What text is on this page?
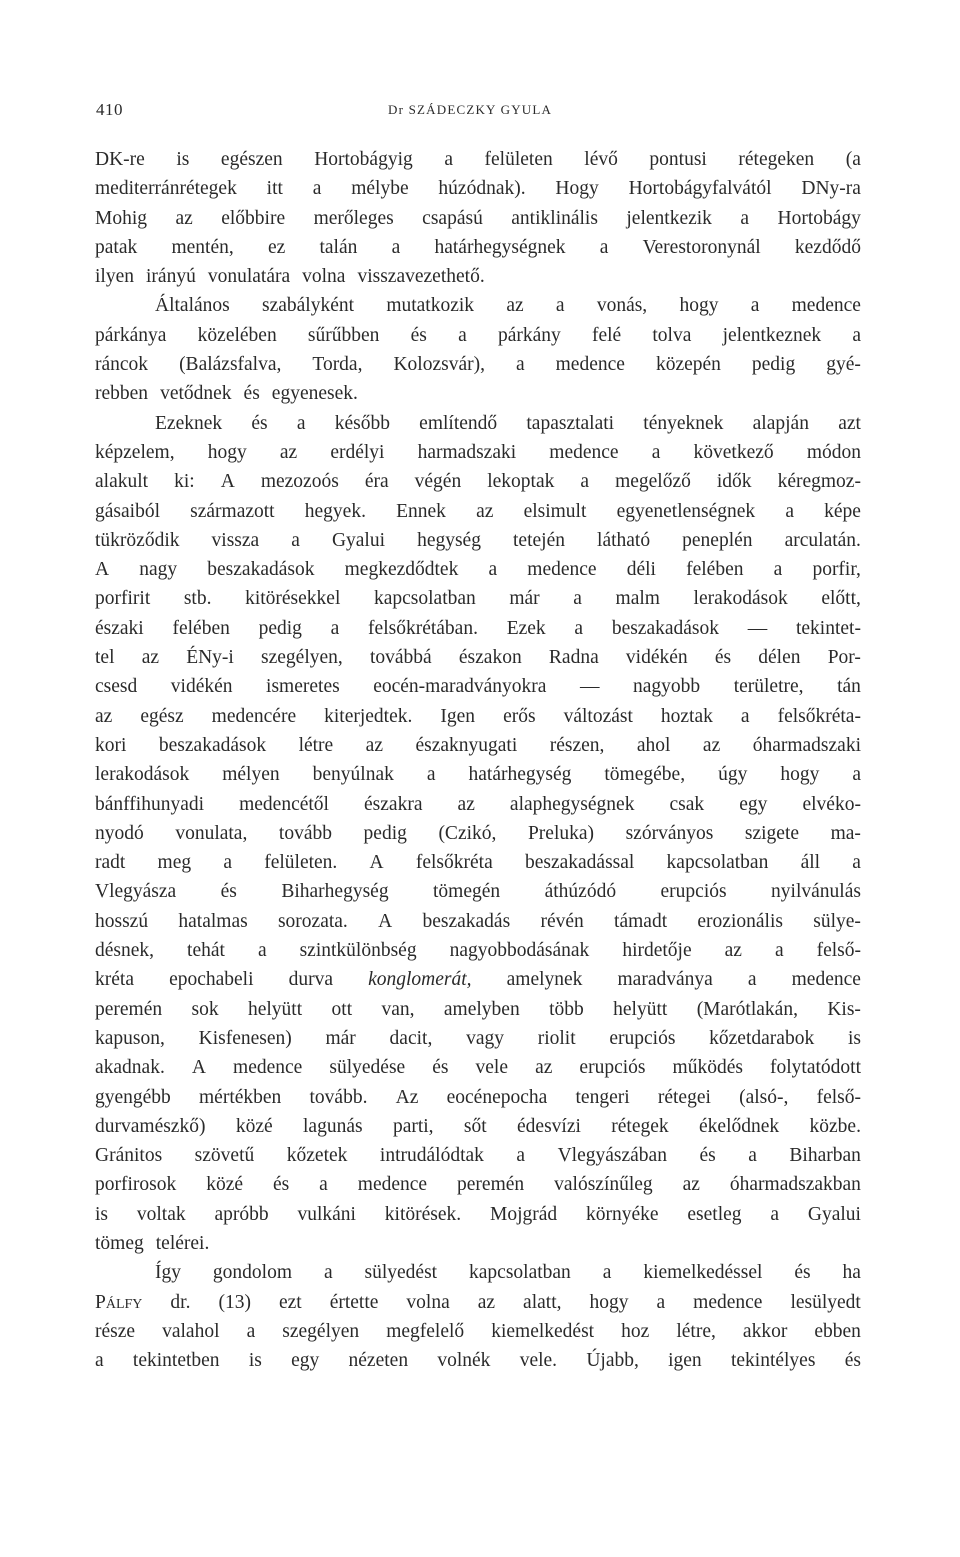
410	Dr SZÁDECZKY GYULA
DK-re is egészen Hortobágyig a felületen lévő pontusi rétegeken (a
mediterránrétegek itt a mélybe húzódnak). Hogy Hortobágyfalvától DNy-ra
Mohig az előbbire merőleges csapású antiklinális jelentkezik a Hortobágy
patak mentén, ez talán a határhegységnek a Verestoronynál kezdődő
ilyen irányú vonulatára volna visszavezethető.
Általános szabályként mutatkozik az a vonás, hogy a medence
párkánya közelében sűrűbben és a párkány felé tolva jelentkeznek a
ráncok (Balázsfalva, Torda, Kolozsvár), a medence közepén pedig gyé-
rebben vetődnek és egyenesek.
Ezeknek és a később említendő tapasztalati tényeknek alapján azt
képzelem, hogy az erdélyi harmadszaki medence a következő módon
alakult ki: A mezozoós éra végén lekoptak a megelőző idők kéregmoz-
gásaiból származott hegyek. Ennek az elsimult egyenetlenségnek a képe
tükröződik vissza a Gyalui hegység tetején látható peneplén arculatán.
A nagy beszakadások megkezdődtek a medence déli felében a porfir,
porfirit stb. kitörésekkel kapcsolatban már a malm lerakodások előtt,
északi felében pedig a felsőkrétában. Ezek a beszakadások — tekintet-
tel az ÉNy-i szegélyen, továbbá északon Radna vidékén és délen Por-
csesd vidékén ismeretes eocén-maradványokra — nagyobb területre, tán
az egész medencére kiterjedtek. Igen erős változást hoztak a felsőkréta-
kori beszakadások létre az északnyugati részen, ahol az óharmadszaki
lerakodások mélyen benyúlnak a határhegység tömegébe, úgy hogy a
bánffihunyadi medencétől északra az alaphegységnek csak egy elvéko-
nyodó vonulata, tovább pedig (Czikó, Preluka) szórványos szigete ma-
radt meg a felületen. A felsőkréta beszakadással kapcsolatban áll a
Vlegyásza és Biharhegység tömegén áthúzódó erupciós nyilvánulás
hosszú hatalmas sorozata. A beszakadás révén támadt erozionális sülye-
désnek, tehát a szintkülönbség nagyobbodásának hirdetője az a felső-
kréta epochabeli durva konglomerát, amelynek maradványa a medence
peremén sok helyütt ott van, amelyben több helyütt (Marótlakán, Kis-
kapuson, Kisfenesen) már dacit, vagy riolit erupciós kőzetdarabok is
akadnak. A medence sülyedése és vele az erupciós működés folytatódott
gyengébb mértékben tovább. Az eocénepocha tengeri rétegei (alsó-, felső-
durvamészkő) közé lagunás parti, sőt édesvízi rétegek ékelődnek közbe.
Gránitos szövetű kőzetek intrudálódtak a Vlegyászában és a Biharban
porfirosok közé és a medence peremén valószínűleg az óharmadszakban
is voltak apróbb vulkáni kitörések. Mojgrád környéke esetleg a Gyalui
tömeg telérei.
Így gondolom a sülyedést kapcsolatban a kiemelkedéssel és ha
Pálfy dr. (13) ezt értette volna az alatt, hogy a medence lesülyedt
része valahol a szegélyen megfelelő kiemelkedést hoz létre, akkor ebben
a tekintetben is egy nézeten volnék vele. Újabb, igen tekintélyes és
